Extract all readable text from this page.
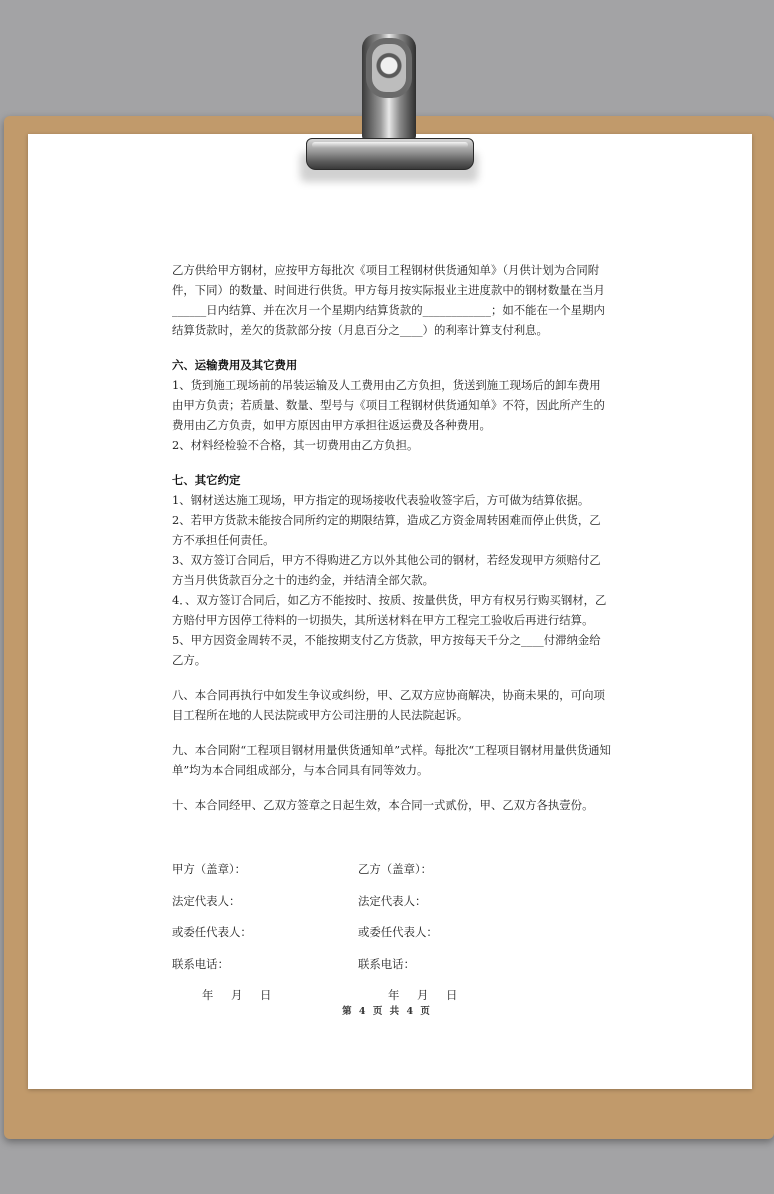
乙方供给甲方钢材，应按甲方每批次《项目工程钢材供货通知单》（月供计划为合同附件，下同）的数量、时间进行供货。甲方每月按实际报业主进度款中的钢材数量在当月______日内结算、并在次月一个星期内结算货款的____________；如不能在一个星期内结算货款时，差欠的货款部分按（月息百分之____）的利率计算支付利息。

六、运输费用及其它费用

1、货到施工现场前的吊装运输及人工费用由乙方负担，货送到施工现场后的卸车费用由甲方负责；若质量、数量、型号与《项目工程钢材供货通知单》不符，因此所产生的费用由乙方负责，如甲方原因由甲方承担往返运费及各种费用。

2、材料经检验不合格，其一切费用由乙方负担。

七、其它约定

1、钢材送达施工现场，甲方指定的现场接收代表验收签字后，方可做为结算依据。

2、若甲方货款未能按合同所约定的期限结算，造成乙方资金周转困难而停止供货，乙方不承担任何责任。

3、双方签订合同后，甲方不得购进乙方以外其他公司的钢材，若经发现甲方须赔付乙方当月供货款百分之十的违约金，并结清全部欠款。

4．、双方签订合同后，如乙方不能按时、按质、按量供货，甲方有权另行购买钢材，乙方赔付甲方因停工待料的一切损失，其所送材料在甲方工程完工验收后再进行结算。

5、甲方因资金周转不灵，不能按期支付乙方货款，甲方按每天千分之____付滞纳金给乙方。

八、本合同再执行中如发生争议或纠纷，甲、乙双方应协商解决，协商未果的，可向项目工程所在地的人民法院或甲方公司注册的人民法院起诉。

九、本合同附“工程项目钢材用量供货通知单”式样。每批次“工程项目钢材用量供货通知单”均为本合同组成部分，与本合同具有同等效力。

十、本合同经甲、乙双方签章之日起生效，本合同一式贰份，甲、乙双方各执壹份。

甲方（盖章）：

法定代表人：

或委任代表人：

联系电话：

年 月 日

乙方（盖章）：

法定代表人：

或委任代表人：

联系电话：

年 月 日

第 4 页 共 4 页
